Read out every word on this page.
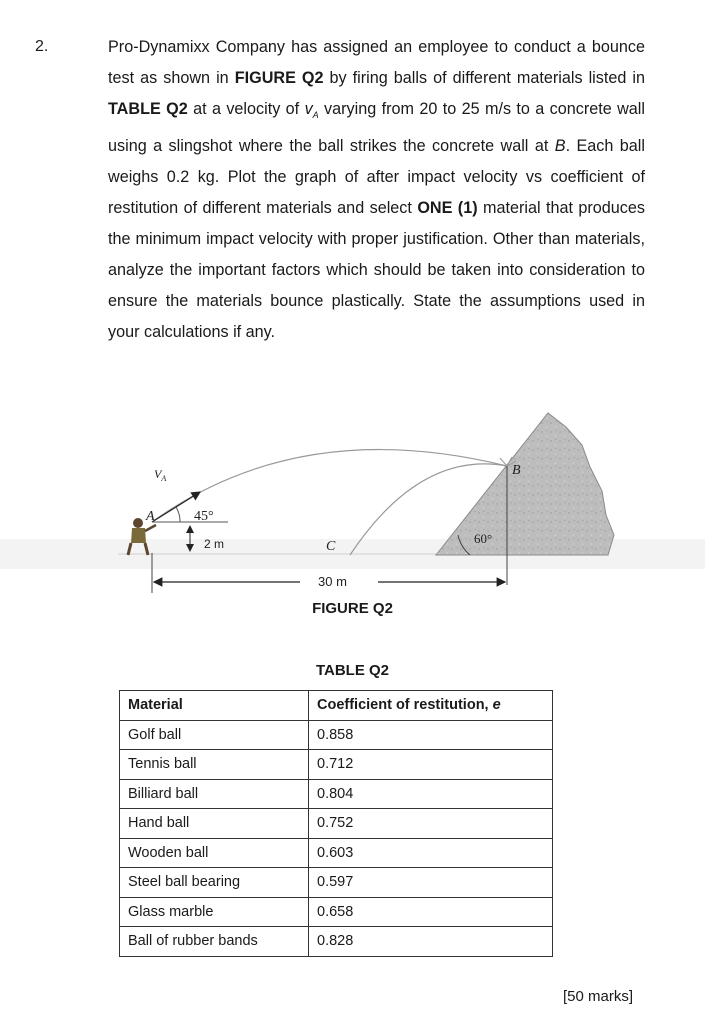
2.	Pro-Dynamixx Company has assigned an employee to conduct a bounce test as shown in FIGURE Q2 by firing balls of different materials listed in TABLE Q2 at a velocity of $v_A$ varying from 20 to 25 m/s to a concrete wall using a slingshot where the ball strikes the concrete wall at B. Each ball weighs 0.2 kg. Plot the graph of after impact velocity vs coefficient of restitution of different materials and select ONE (1) material that produces the minimum impact velocity with proper justification. Other than materials, analyze the important factors which should be taken into consideration to ensure the materials bounce plastically. State the assumptions used in your calculations if any.
$V_A$
A	45°
2 m
B
C
60°
30 m
FIGURE Q2
TABLE Q2
Material	Coefficient of restitution, e
Golf ball	0.858
Tennis ball	0.712
Billiard ball	0.804
Hand ball	0.752
Wooden ball	0.603
Steel ball bearing	0.597
Glass marble	0.658
Ball of rubber bands	0.828
[50 marks]
